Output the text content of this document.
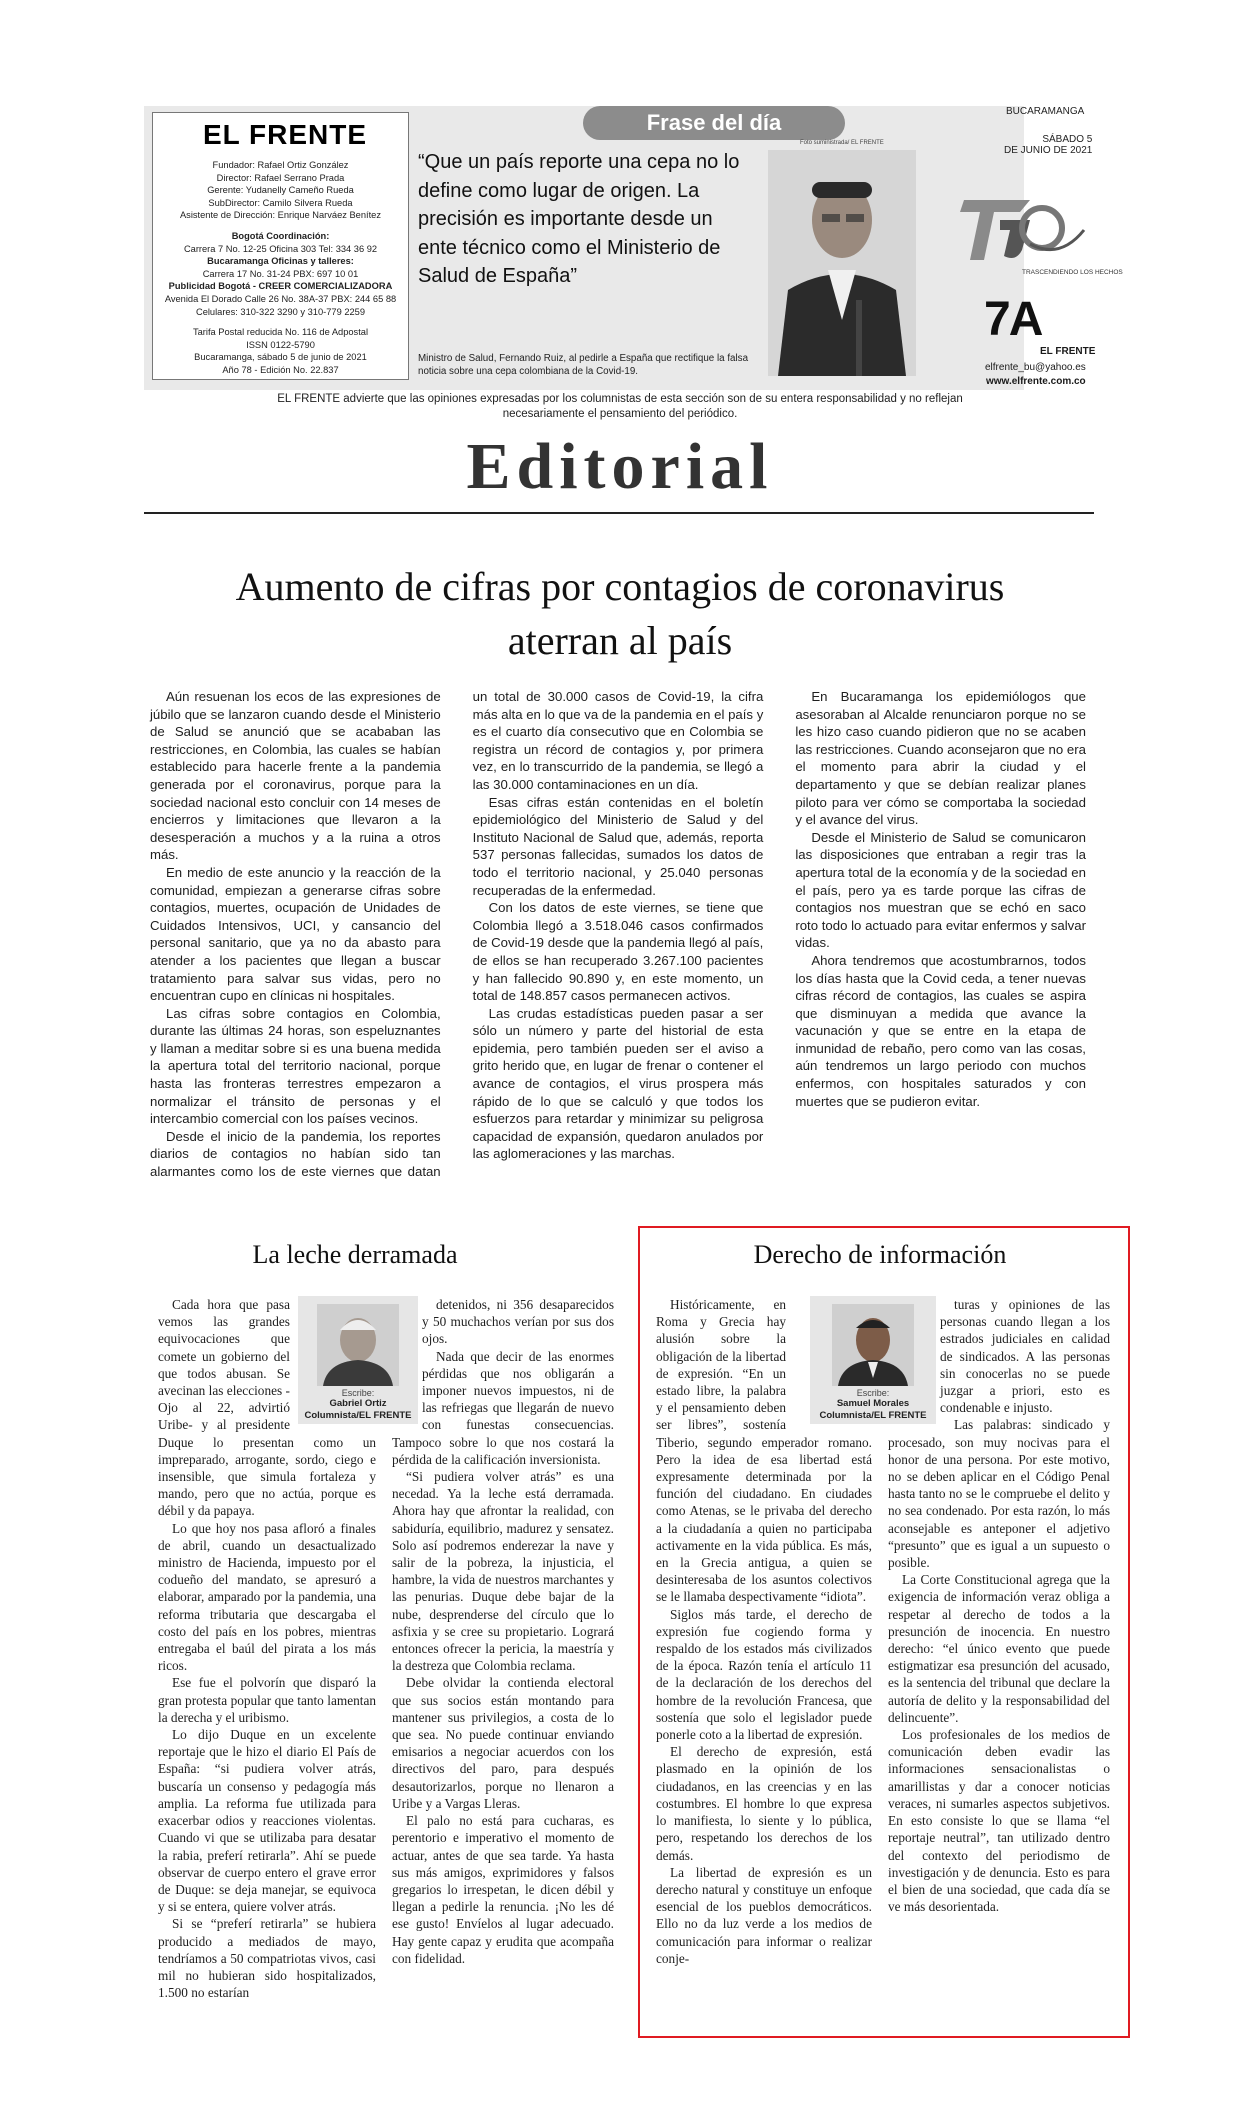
EL FRENTE
Fundador: Rafael Ortiz González
Director: Rafael Serrano Prada
Gerente: Yudanelly Cameño Rueda
SubDirector: Camilo Silvera Rueda
Asistente de Dirección: Enrique Narváez Benítez
Bogotá Coordinación:
Carrera 7 No. 12-25 Oficina 303 Tel: 334 36 92
Bucaramanga Oficinas y talleres:
Carrera 17 No. 31-24 PBX: 697 10 01
Publicidad Bogotá - CREER COMERCIALIZADORA
Avenida El Dorado Calle 26 No. 38A-37 PBX: 244 65 88
Celulares: 310-322 3290 y 310-779 2259
Tarifa Postal reducida No. 116 de Adpostal
ISSN 0122-5790
Bucaramanga, sábado 5 de junio de 2021
Año 78 - Edición No. 22.837
Frase del día
“Que un país reporte una cepa no lo define como lugar de origen. La precisión es importante desde un ente técnico como el Ministerio de Salud de España”
Foto suministrada/ EL FRENTE
Ministro de Salud, Fernando Ruiz, al pedirle a España que rectifique la falsa noticia sobre una cepa colombiana de la Covid-19.
BUCARAMANGA
SÁBADO 5
DE JUNIO DE 2021
TRASCENDIENDO LOS HECHOS
7A
EL FRENTE
elfrente_bu@yahoo.es
www.elfrente.com.co
EL FRENTE advierte que las opiniones expresadas por los columnistas de esta sección son de su entera responsabilidad y no reflejan necesariamente el pensamiento del periódico.
Editorial
Aumento de cifras por contagios de coronavirus aterran al país

Aún resuenan los ecos de las expresiones de júbilo que se lanzaron cuando desde el Ministerio de Salud se anunció que se acababan las restricciones, en Colombia, las cuales se habían establecido para hacerle frente a la pandemia generada por el coronavirus, porque para la sociedad nacional esto concluir con 14 meses de encierros y limitaciones que llevaron a la desesperación a muchos y a la ruina a otros más.

En medio de este anuncio y la reacción de la comunidad, empiezan a generarse cifras sobre contagios, muertes, ocupación de Unidades de Cuidados Intensivos, UCI, y cansancio del personal sanitario, que ya no da abasto para atender a los pacientes que llegan a buscar tratamiento para salvar sus vidas, pero no encuentran cupo en clínicas ni hospitales.

Las cifras sobre contagios en Colombia, durante las últimas 24 horas, son espeluznantes y llaman a meditar sobre si es una buena medida la apertura total del territorio nacional, porque hasta las fronteras terrestres empezaron a normalizar el tránsito de personas y el intercambio comercial con los países vecinos.

Desde el inicio de la pandemia, los reportes diarios de contagios no habían sido tan alarmantes como los de este viernes que datan un total de 30.000 casos de Covid-19, la cifra más alta en lo que va de la pandemia en el país y es el cuarto día consecutivo que en Colombia se registra un récord de contagios y, por primera vez, en lo transcurrido de la pandemia, se llegó a las 30.000 contaminaciones en un día.

Esas cifras están contenidas en el boletín epidemiológico del Ministerio de Salud y del Instituto Nacional de Salud que, además, reporta 537 personas fallecidas, sumados los datos de todo el territorio nacional, y 25.040 personas recuperadas de la enfermedad.

Con los datos de este viernes, se tiene que Colombia llegó a 3.518.046 casos confirmados de Covid-19 desde que la pandemia llegó al país, de ellos se han recuperado 3.267.100 pacientes y han fallecido 90.890 y, en este momento, un total de 148.857 casos permanecen activos.

Las crudas estadísticas pueden pasar a ser sólo un número y parte del historial de esta epidemia, pero también pueden ser el aviso a grito herido que, en lugar de frenar o contener el avance de contagios, el virus prospera más rápido de lo que se calculó y que todos los esfuerzos para retardar y minimizar su peligrosa capacidad de expansión, quedaron anulados por las aglomeraciones y las marchas.

En Bucaramanga los epidemiólogos que asesoraban al Alcalde renunciaron porque no se les hizo caso cuando pidieron que no se acaben las restricciones. Cuando aconsejaron que no era el momento para abrir la ciudad y el departamento y que se debían realizar planes piloto para ver cómo se comportaba la sociedad y el avance del virus.

Desde el Ministerio de Salud se comunicaron las disposiciones que entraban a regir tras la apertura total de la economía y de la sociedad en el país, pero ya es tarde porque las cifras de contagios nos muestran que se echó en saco roto todo lo actuado para evitar enfermos y salvar vidas.

Ahora tendremos que acostumbrarnos, todos los días hasta que la Covid ceda, a tener nuevas cifras récord de contagios, las cuales se aspira que disminuyan a medida que avance la vacunación y que se entre en la etapa de inmunidad de rebaño, pero como van las cosas, aún tendremos un largo periodo con muchos enfermos, con hospitales saturados y con muertes que se pudieron evitar.

La leche derramada
Escribe:
Gabriel Ortiz
Columnista/EL FRENTE

Cada hora que pasa vemos las grandes equivocaciones que comete un gobierno del que todos abusan. Se avecinan las elecciones -Ojo al 22, advirtió Uribe- y al presidente Duque lo presentan como un impreparado, arrogante, sordo, ciego e insensible, que simula fortaleza y mando, pero que no actúa, porque es débil y da papaya.

Lo que hoy nos pasa afloró a finales de abril, cuando un desactualizado ministro de Hacienda, impuesto por el codueño del mandato, se apresuró a elaborar, amparado por la pandemia, una reforma tributaria que descargaba el costo del país en los pobres, mientras entregaba el baúl del pirata a los más ricos.

Ese fue el polvorín que disparó la gran protesta popular que tanto lamentan la derecha y el uribismo.

Lo dijo Duque en un excelente reportaje que le hizo el diario El País de España: “si pudiera volver atrás, buscaría un consenso y pedagogía más amplia. La reforma fue utilizada para exacerbar odios y reacciones violentas. Cuando vi que se utilizaba para desatar la rabia, preferí retirarla”. Ahí se puede observar de cuerpo entero el grave error de Duque: se deja manejar, se equivoca y si se entera, quiere volver atrás.

Si se “preferí retirarla” se hubiera producido a mediados de mayo, tendríamos a 50 compatriotas vivos, casi mil no hubieran sido hospitalizados, 1.500 no estarían

detenidos, ni 356 desaparecidos y 50 muchachos verían por sus dos ojos.

Nada que decir de las enormes pérdidas que nos obligarán a imponer nuevos impuestos, ni de las refriegas que llegarán de nuevo con funestas consecuencias. Tampoco sobre lo que nos costará la pérdida de la calificación inversionista.

“Si pudiera volver atrás” es una necedad. Ya la leche está derramada. Ahora hay que afrontar la realidad, con sabiduría, equilibrio, madurez y sensatez. Solo así podremos enderezar la nave y salir de la pobreza, la injusticia, el hambre, la vida de nuestros marchantes y las penurias. Duque debe bajar de la nube, desprenderse del círculo que lo asfixia y se cree su propietario. Logrará entonces ofrecer la pericia, la maestría y la destreza que Colombia reclama.

Debe olvidar la contienda electoral que sus socios están montando para mantener sus privilegios, a costa de lo que sea. No puede continuar enviando emisarios a negociar acuerdos con los directivos del paro, para después desautorizarlos, porque no llenaron a Uribe y a Vargas Lleras.

El palo no está para cucharas, es perentorio e imperativo el momento de actuar, antes de que sea tarde. Ya hasta sus más amigos, exprimidores y falsos gregarios lo irrespetan, le dicen débil y llegan a pedirle la renuncia. ¡No les dé ese gusto! Envíelos al lugar adecuado. Hay gente capaz y erudita que acompaña con fidelidad.

Derecho de información
Escribe:
Samuel Morales
Columnista/EL FRENTE

Históricamente, en Roma y Grecia hay alusión sobre la obligación de la libertad de expresión. “En un estado libre, la palabra y el pensamiento deben ser libres”, sostenía Tiberio, segundo emperador romano. Pero la idea de esa libertad está expresamente determinada por la función del ciudadano. En ciudades como Atenas, se le privaba del derecho a la ciudadanía a quien no participaba activamente en la vida pública. Es más, en la Grecia antigua, a quien se desinteresaba de los asuntos colectivos se le llamaba despectivamente “idiota”.

Siglos más tarde, el derecho de expresión fue cogiendo forma y respaldo de los estados más civilizados de la época. Razón tenía el artículo 11 de la declaración de los derechos del hombre de la revolución Francesa, que sostenía que solo el legislador puede ponerle coto a la libertad de expresión.

El derecho de expresión, está plasmado en la opinión de los ciudadanos, en las creencias y en las costumbres. El hombre lo que expresa lo manifiesta, lo siente y lo pública, pero, respetando los derechos de los demás.

La libertad de expresión es un derecho natural y constituye un enfoque esencial de los pueblos democráticos. Ello no da luz verde a los medios de comunicación para informar o realizar conje-

turas y opiniones de las personas cuando llegan a los estrados judiciales en calidad de sindicados. A las personas sin conocerlas no se puede juzgar a priori, esto es condenable e injusto.

Las palabras: sindicado y procesado, son muy nocivas para el honor de una persona. Por este motivo, no se deben aplicar en el Código Penal hasta tanto no se le compruebe el delito y no sea condenado. Por esta razón, lo más aconsejable es anteponer el adjetivo “presunto” que es igual a un supuesto o posible.

La Corte Constitucional agrega que la exigencia de información veraz obliga a respetar al derecho de todos a la presunción de inocencia. En nuestro derecho: “el único evento que puede estigmatizar esa presunción del acusado, es la sentencia del tribunal que declare la autoría de delito y la responsabilidad del delincuente”.

Los profesionales de los medios de comunicación deben evadir las informaciones sensacionalistas o amarillistas y dar a conocer noticias veraces, ni sumarles aspectos subjetivos. En esto consiste lo que se llama “el reportaje neutral”, tan utilizado dentro del contexto del periodismo de investigación y de denuncia. Esto es para el bien de una sociedad, que cada día se ve más desorientada.
